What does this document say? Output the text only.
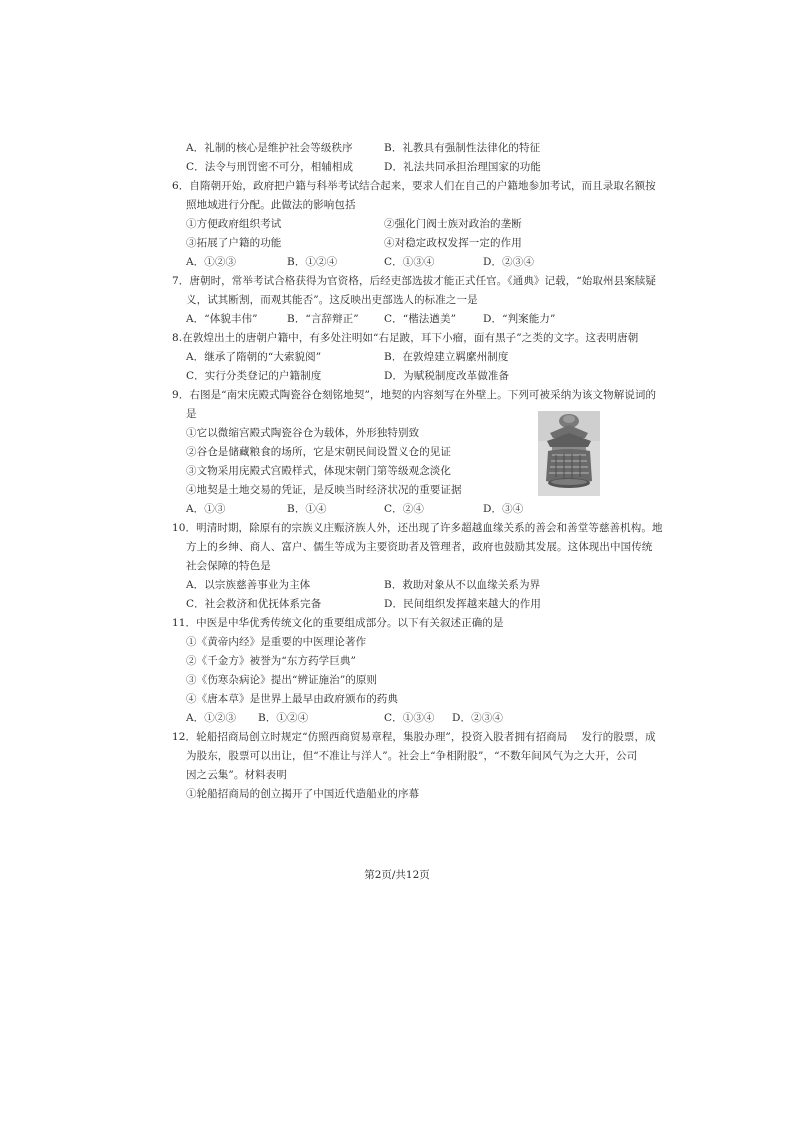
A．礼制的核心是维护社会等级秩序	B．礼教具有强制性法律化的特征
C．法令与刑罚密不可分，相辅相成	D．礼法共同承担治理国家的功能
6．自隋朝开始，政府把户籍与科举考试结合起来，要求人们在自己的户籍地参加考试，而且录取名额按
照地域进行分配。此做法的影响包括
①方便政府组织考试	②强化门阀士族对政治的垄断
③拓展了户籍的功能	④对稳定政权发挥一定的作用
A．①②③	B．①②④	C．①③④	D．②③④
7．唐朝时，常举考试合格获得为官资格，后经吏部选拔才能正式任官。《通典》记载，“始取州县案牍疑
义，试其断割，而观其能否”。这反映出吏部选人的标准之一是
A．“体貌丰伟”	B．“言辞辩正” C．“楷法遒美”	D．“判案能力”
8.在敦煌出土的唐朝户籍中，有多处注明如“右足跛，耳下小瘤，面有黑子”之类的文字。这表明唐朝
A．继承了隋朝的“大索貌阅”	B．在敦煌建立羁縻州制度
C．实行分类登记的户籍制度	D．为赋税制度改革做准备
9．右图是“南宋庑殿式陶瓷谷仓刻铭地契”，地契的内容刻写在外壁上。下列可被采纳为该文物解说词的
是
①它以微缩宫殿式陶瓷谷仓为载体，外形独特别致
②谷仓是储藏粮食的场所，它是宋朝民间设置义仓的见证
③文物采用庑殿式宫殿样式，体现宋朝门第等级观念淡化
④地契是土地交易的凭证，是反映当时经济状况的重要证据
A．①③	B．①④	C．②④	D．③④
10．明清时期，除原有的宗族义庄赈济族人外，还出现了许多超越血缘关系的善会和善堂等慈善机构。地
方上的乡绅、商人、富户、儒生等成为主要资助者及管理者，政府也鼓励其发展。这体现出中国传统
社会保障的特色是
A．以宗族慈善事业为主体	B．救助对象从不以血缘关系为界
C．社会救济和优抚体系完备	D．民间组织发挥越来越大的作用
11．中医是中华优秀传统文化的重要组成部分。以下有关叙述正确的是
①《黄帝内经》是重要的中医理论著作
②《千金方》被誉为“东方药学巨典”
③《伤寒杂病论》提出“辨证施治”的原则
④《唐本草》是世界上最早由政府颁布的药典
A．①②③ B．①②④	C．①③④ D．②③④
12．轮船招商局创立时规定“仿照西商贸易章程，集股办理”，投资入股者拥有招商局　 发行的股票，成
为股东，股票可以出让，但“不准让与洋人”。社会上“争相附股”，“不数年间风气为之大开，公司
因之云集”。材料表明
①轮船招商局的创立揭开了中国近代造船业的序幕
第2页/共12页
